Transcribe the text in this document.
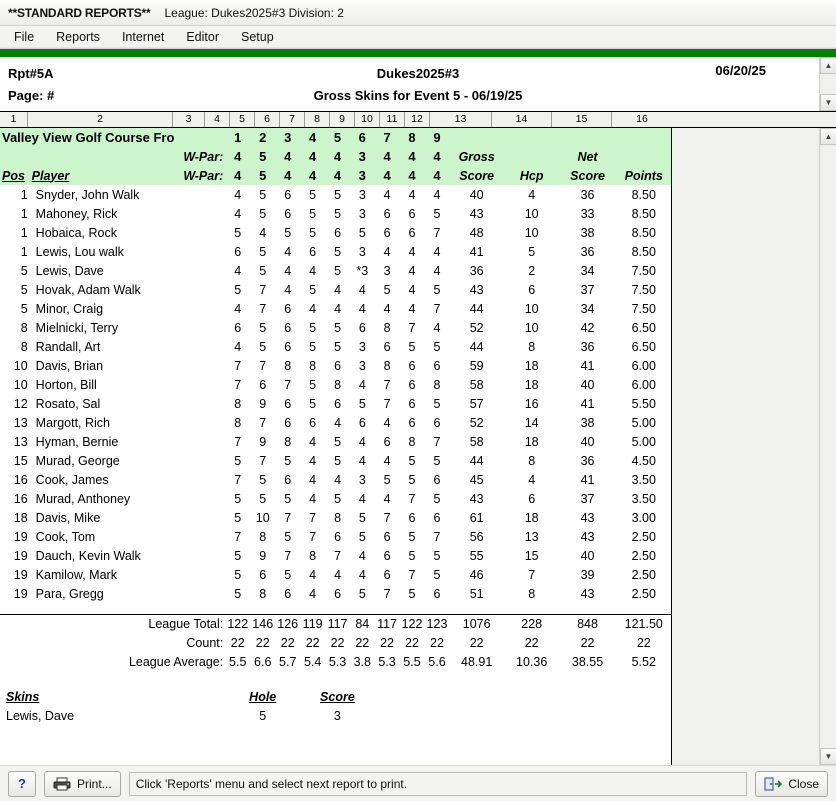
**STANDARD REPORTS** League: Dukes2025#3 Division: 2
File	Reports	Internet	Editor	Setup
Rpt#5A
Page: #
Dukes2025#3
Gross Skins for Event 5 - 06/19/25
06/20/25	▲
▼
1	2	3	4	5	6	7	8	9	10	11	12	13	14	15	16
Valley View Golf Course Fro			1	2	3	4	5	6	7	8	9				
W-Par:			4	5	4	4	4	3	4	4	4	Gross		Net	
Pos	Player	W-Par:	4	5	4	4	4	3	4	4	4	Score	Hcp	Score	Points
1	Snyder, John Walk		4	5	6	5	5	3	4	4	4	40	4	36	8.50
1	Mahoney, Rick		4	5	6	5	5	3	6	6	5	43	10	33	8.50
1	Hobaica, Rock		5	4	5	5	6	5	6	6	7	48	10	38	8.50
1	Lewis, Lou walk		6	5	4	6	5	3	4	4	4	41	5	36	8.50
5	Lewis, Dave		4	5	4	4	5	*3	3	4	4	36	2	34	7.50
5	Hovak, Adam Walk		5	7	4	5	4	4	5	4	5	43	6	37	7.50
5	Minor, Craig		4	7	6	4	4	4	4	4	7	44	10	34	7.50
8	Mielnicki, Terry		6	5	6	5	5	6	8	7	4	52	10	42	6.50
8	Randall, Art		4	5	6	5	5	3	6	5	5	44	8	36	6.50
10	Davis, Brian		7	7	8	8	6	3	8	6	6	59	18	41	6.00
10	Horton, Bill		7	6	7	5	8	4	7	6	8	58	18	40	6.00
12	Rosato, Sal		8	9	6	5	6	5	7	6	5	57	16	41	5.50
13	Margott, Rich		8	7	6	6	4	6	4	6	6	52	14	38	5.00
13	Hyman, Bernie		7	9	8	4	5	4	6	8	7	58	18	40	5.00
15	Murad, George		5	7	5	4	5	4	4	5	5	44	8	36	4.50
16	Cook, James		7	5	6	4	4	3	5	5	6	45	4	41	3.50
16	Murad, Anthoney		5	5	5	4	5	4	4	7	5	43	6	37	3.50
18	Davis, Mike		5	10	7	7	8	5	7	6	6	61	18	43	3.00
19	Cook, Tom		7	8	5	7	6	5	6	5	7	56	13	43	2.50
19	Dauch, Kevin Walk		5	9	7	8	7	4	6	5	5	55	15	40	2.50
19	Kamilow, Mark		5	6	5	4	4	4	6	7	5	46	7	39	2.50
19	Para, Gregg		5	8	6	4	6	5	7	5	6	51	8	43	2.50

League Total:			122	146	126	119	117	84	117	122	123	1076	228	848	121.50
Count:			22	22	22	22	22	22	22	22	22	22	22	22	22
League Average:			5.5	6.6	5.7	5.4	5.3	3.8	5.3	5.5	5.6	48.91	10.36	38.55	5.52

Skins			Hole			Score									
Lewis, Dave			5			3									
▲
▼
?	Print...	Click 'Reports' menu and select next report to print.	Close
